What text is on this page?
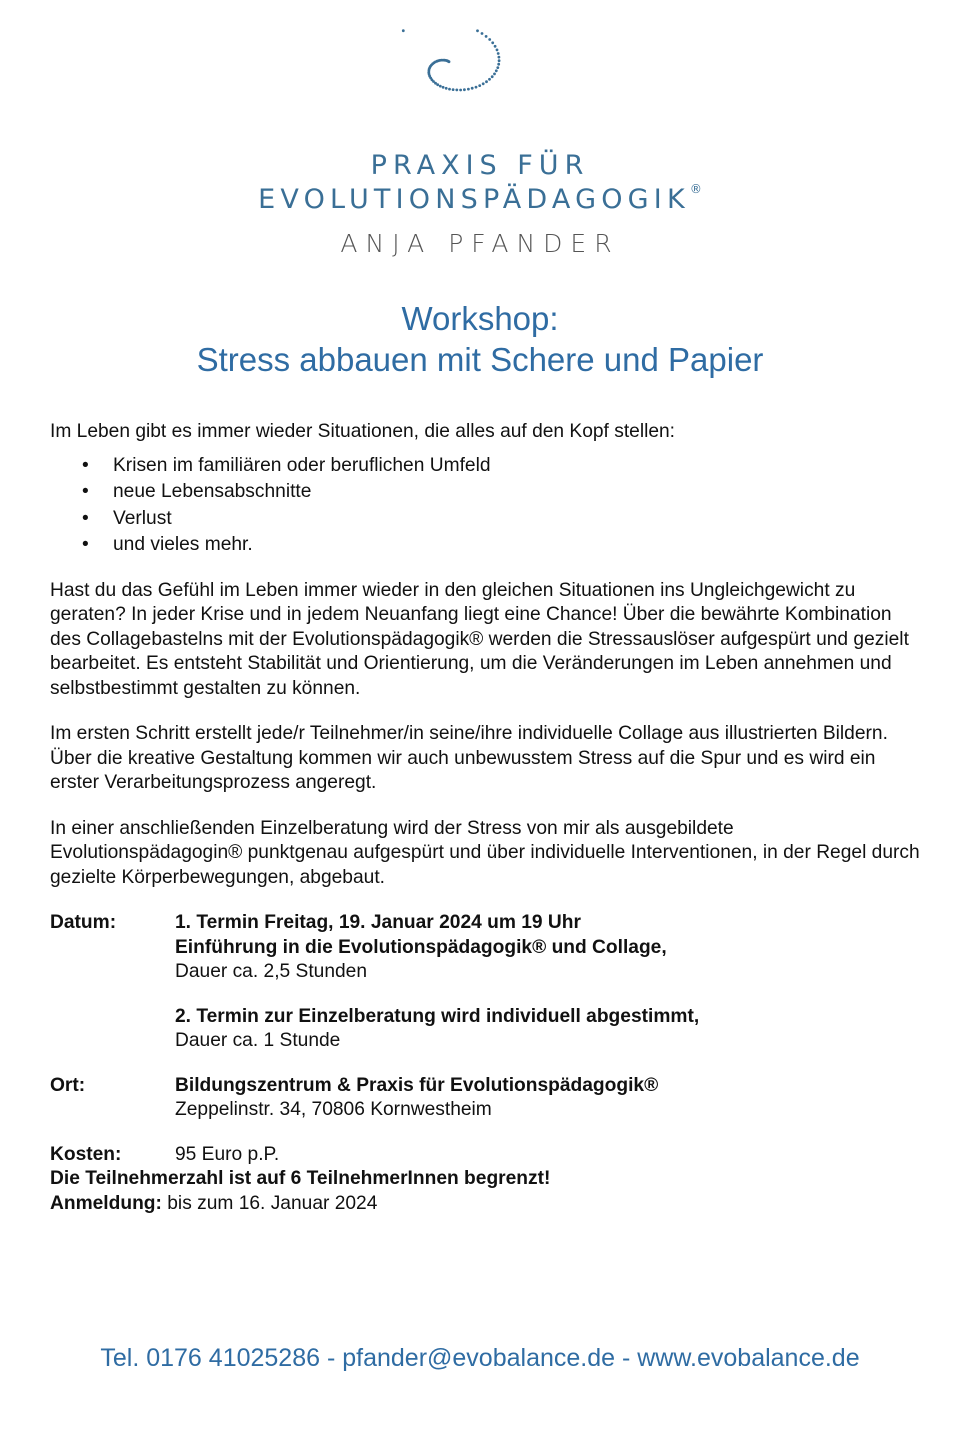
PRAXIS FÜR
EVOLUTIONSPÄDAGOGIK®
ANJA PFANDER
Workshop:
Stress abbauen mit Schere und Papier

Im Leben gibt es immer wieder Situationen, die alles auf den Kopf stellen:

• Krisen im familiären oder beruflichen Umfeld
• neue Lebensabschnitte
• Verlust
• und vieles mehr.

Hast du das Gefühl im Leben immer wieder in den gleichen Situationen ins Ungleichgewicht zu geraten? In jeder Krise und in jedem Neuanfang liegt eine Chance! Über die bewährte Kombination des Collagebastelns mit der Evolutionspädagogik® werden die Stressauslöser aufgespürt und gezielt bearbeitet. Es entsteht Stabilität und Orientierung, um die Veränderungen im Leben annehmen und selbstbestimmt gestalten zu können.

Im ersten Schritt erstellt jede/r Teilnehmer/in seine/ihre individuelle Collage aus illustrierten Bildern. Über die kreative Gestaltung kommen wir auch unbewusstem Stress auf die Spur und es wird ein erster Verarbeitungsprozess angeregt.

In einer anschließenden Einzelberatung wird der Stress von mir als ausgebildete Evolutionspädagogin® punktgenau aufgespürt und über individuelle Interventionen, in der Regel durch gezielte Körperbewegungen, abgebaut.

Datum:	1. Termin Freitag, 19. Januar 2024 um 19 Uhr
Einführung in die Evolutionspädagogik® und Collage,
Dauer ca. 2,5 Stunden
2. Termin zur Einzelberatung wird individuell abgestimmt,
Dauer ca. 1 Stunde
Ort:	Bildungszentrum & Praxis für Evolutionspädagogik®
Zeppelinstr. 34, 70806 Kornwestheim
Kosten:	95 Euro p.P.

Die Teilnehmerzahl ist auf 6 TeilnehmerInnen begrenzt!

Anmeldung: bis zum 16. Januar 2024

Tel. 0176 41025286 - pfander@evobalance.de - www.evobalance.de
